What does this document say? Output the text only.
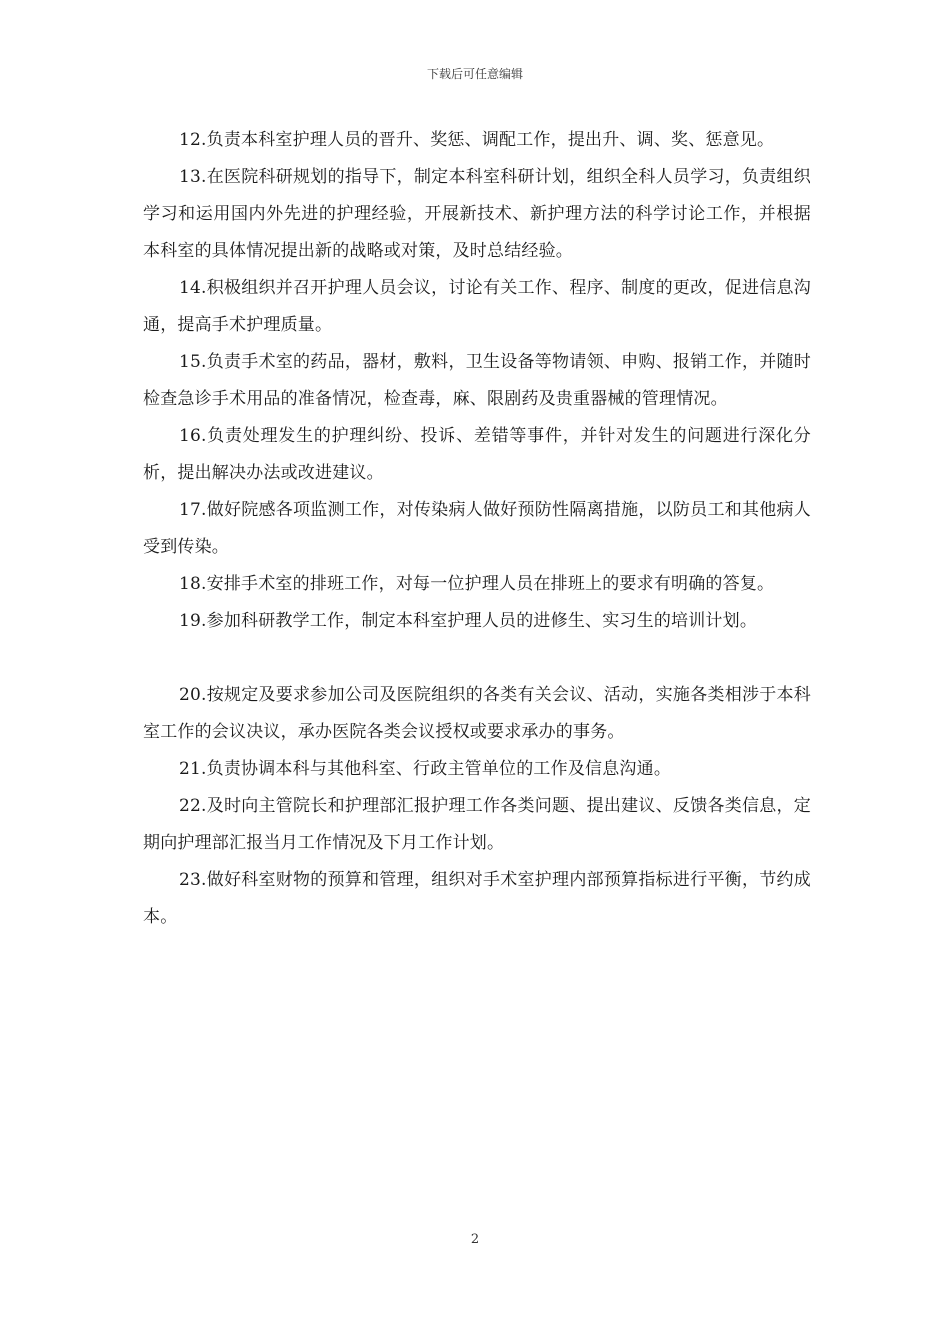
下载后可任意编辑

12.负责本科室护理人员的晋升、奖惩、调配工作，提出升、调、奖、惩意见。

13.在医院科研规划的指导下，制定本科室科研计划，组织全科人员学习，负责组织学习和运用国内外先进的护理经验，开展新技术、新护理方法的科学讨论工作，并根据本科室的具体情况提出新的战略或对策，及时总结经验。

14.积极组织并召开护理人员会议，讨论有关工作、程序、制度的更改，促进信息沟通，提高手术护理质量。

15.负责手术室的药品，器材，敷料，卫生设备等物请领、申购、报销工作，并随时检查急诊手术用品的准备情况，检查毒，麻、限剧药及贵重器械的管理情况。

16.负责处理发生的护理纠纷、投诉、差错等事件，并针对发生的问题进行深化分析，提出解决办法或改进建议。

17.做好院感各项监测工作，对传染病人做好预防性隔离措施，以防员工和其他病人受到传染。

18.安排手术室的排班工作，对每一位护理人员在排班上的要求有明确的答复。

19.参加科研教学工作，制定本科室护理人员的进修生、实习生的培训计划。

20.按规定及要求参加公司及医院组织的各类有关会议、活动，实施各类相涉于本科室工作的会议决议，承办医院各类会议授权或要求承办的事务。

21.负责协调本科与其他科室、行政主管单位的工作及信息沟通。

22.及时向主管院长和护理部汇报护理工作各类问题、提出建议、反馈各类信息，定期向护理部汇报当月工作情况及下月工作计划。

23.做好科室财物的预算和管理，组织对手术室护理内部预算指标进行平衡，节约成本。

2
